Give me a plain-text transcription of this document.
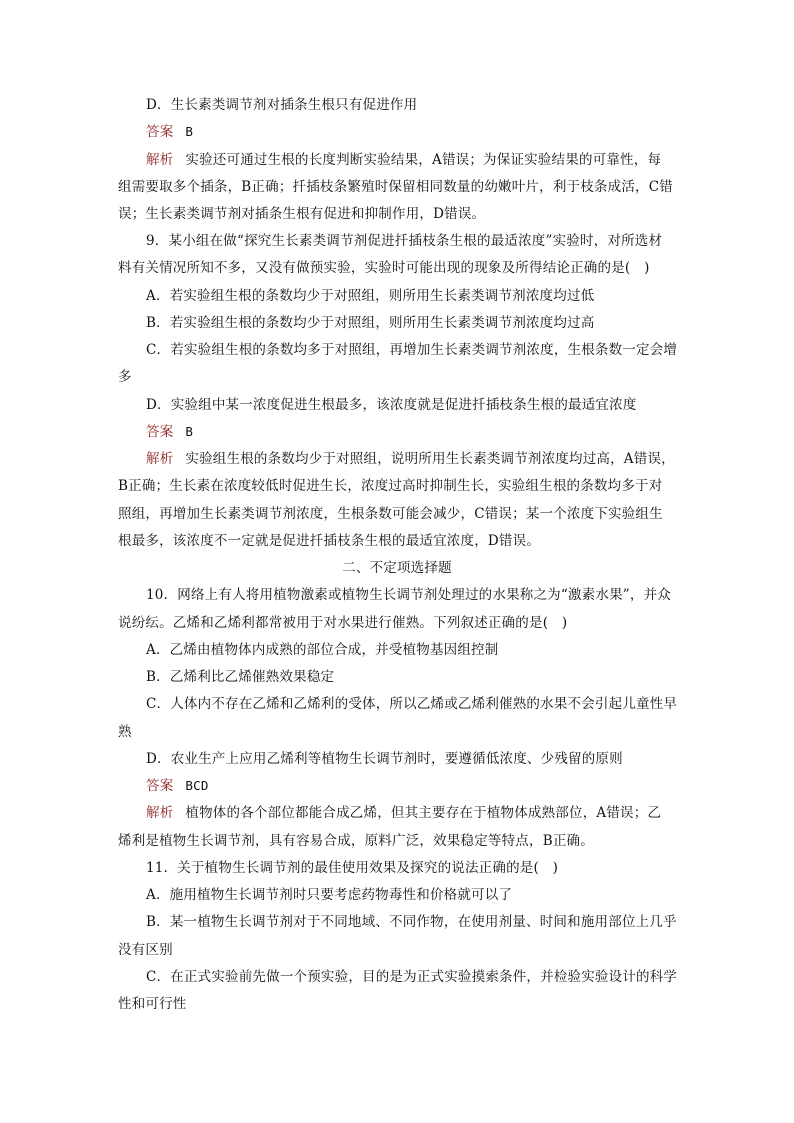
D．生长素类调节剂对插条生根只有促进作用
答案 B
解析 实验还可通过生根的长度判断实验结果，A错误；为保证实验结果的可靠性，每
组需要取多个插条，B正确；扦插枝条繁殖时保留相同数量的幼嫩叶片，利于枝条成活，C错
误；生长素类调节剂对插条生根有促进和抑制作用，D错误。
9．某小组在做“探究生长素类调节剂促进扦插枝条生根的最适浓度”实验时，对所选材
料有关情况所知不多，又没有做预实验，实验时可能出现的现象及所得结论正确的是(　)
A．若实验组生根的条数均少于对照组，则所用生长素类调节剂浓度均过低
B．若实验组生根的条数均少于对照组，则所用生长素类调节剂浓度均过高
C．若实验组生根的条数均多于对照组，再增加生长素类调节剂浓度，生根条数一定会增
多
D．实验组中某一浓度促进生根最多，该浓度就是促进扦插枝条生根的最适宜浓度
答案 B
解析 实验组生根的条数均少于对照组，说明所用生长素类调节剂浓度均过高，A错误，
B正确；生长素在浓度较低时促进生长，浓度过高时抑制生长，实验组生根的条数均多于对
照组，再增加生长素类调节剂浓度，生根条数可能会减少，C错误；某一个浓度下实验组生
根最多，该浓度不一定就是促进扦插枝条生根的最适宜浓度，D错误。
二、不定项选择题
10．网络上有人将用植物激素或植物生长调节剂处理过的水果称之为“激素水果”，并众
说纷纭。乙烯和乙烯利都常被用于对水果进行催熟。下列叙述正确的是(　)
A．乙烯由植物体内成熟的部位合成，并受植物基因组控制
B．乙烯利比乙烯催熟效果稳定
C．人体内不存在乙烯和乙烯利的受体，所以乙烯或乙烯利催熟的水果不会引起儿童性早
熟
D．农业生产上应用乙烯利等植物生长调节剂时，要遵循低浓度、少残留的原则
答案 BCD
解析 植物体的各个部位都能合成乙烯，但其主要存在于植物体成熟部位，A错误；乙
烯利是植物生长调节剂，具有容易合成，原料广泛，效果稳定等特点，B正确。
11．关于植物生长调节剂的最佳使用效果及探究的说法正确的是(　)
A．施用植物生长调节剂时只要考虑药物毒性和价格就可以了
B．某一植物生长调节剂对于不同地域、不同作物，在使用剂量、时间和施用部位上几乎
没有区别
C．在正式实验前先做一个预实验，目的是为正式实验摸索条件，并检验实验设计的科学
性和可行性
